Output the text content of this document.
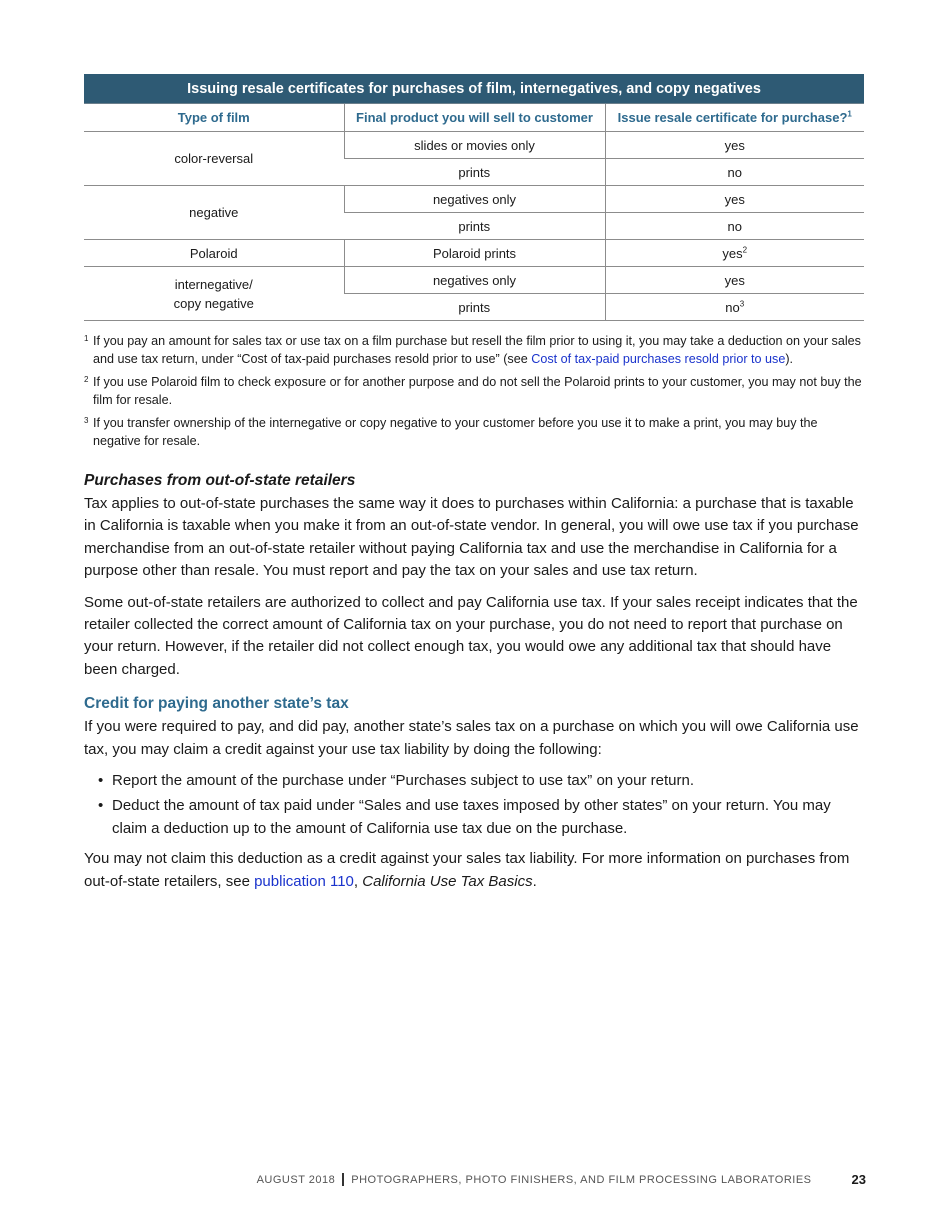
Issuing resale certificates for purchases of film, internegatives, and copy negatives		
Type of film	Final product you will sell to customer	Issue resale certificate for purchase?$^1$
color-reversal	slides or movies only	yes
	prints	no
negative	negatives only	yes
	prints	no
Polaroid	Polaroid prints	yes$^2$
internegative/
copy negative	negatives only	yes
	prints	$no^3$
1 If you pay an amount for sales tax or use tax on a film purchase but resell the film prior to using it, you may take a deduction on your sales and use tax return, under “Cost of tax-paid purchases resold prior to use” (see Cost of tax-paid purchases resold prior to use).
2 If you use Polaroid film to check exposure or for another purpose and do not sell the Polaroid prints to your customer, you may not buy the film for resale.
3 If you transfer ownership of the internegative or copy negative to your customer before you use it to make a print, you may buy the negative for resale.
Purchases from out-of-state retailers

Tax applies to out-of-state purchases the same way it does to purchases within California: a purchase that is taxable in California is taxable when you make it from an out-of-state vendor. In general, you will owe use tax if you purchase merchandise from an out-of-state retailer without paying California tax and use the merchandise in California for a purpose other than resale. You must report and pay the tax on your sales and use tax return.

Some out-of-state retailers are authorized to collect and pay California use tax. If your sales receipt indicates that the retailer collected the correct amount of California tax on your purchase, you do not need to report that purchase on your return. However, if the retailer did not collect enough tax, you would owe any additional tax that should have been charged.

Credit for paying another state’s tax

If you were required to pay, and did pay, another state’s sales tax on a purchase on which you will owe California use tax, you may claim a credit against your use tax liability by doing the following:

• Report the amount of the purchase under “Purchases subject to use tax” on your return.
• Deduct the amount of tax paid under “Sales and use taxes imposed by other states” on your return. You may claim a deduction up to the amount of California use tax due on the purchase.

You may not claim this deduction as a credit against your sales tax liability. For more information on purchases from out-of-state retailers, see publication 110, California Use Tax Basics.

AUGUST 2018 PHOTOGRAPHERS, PHOTO FINISHERS, AND FILM PROCESSING LABORATORIES	23
